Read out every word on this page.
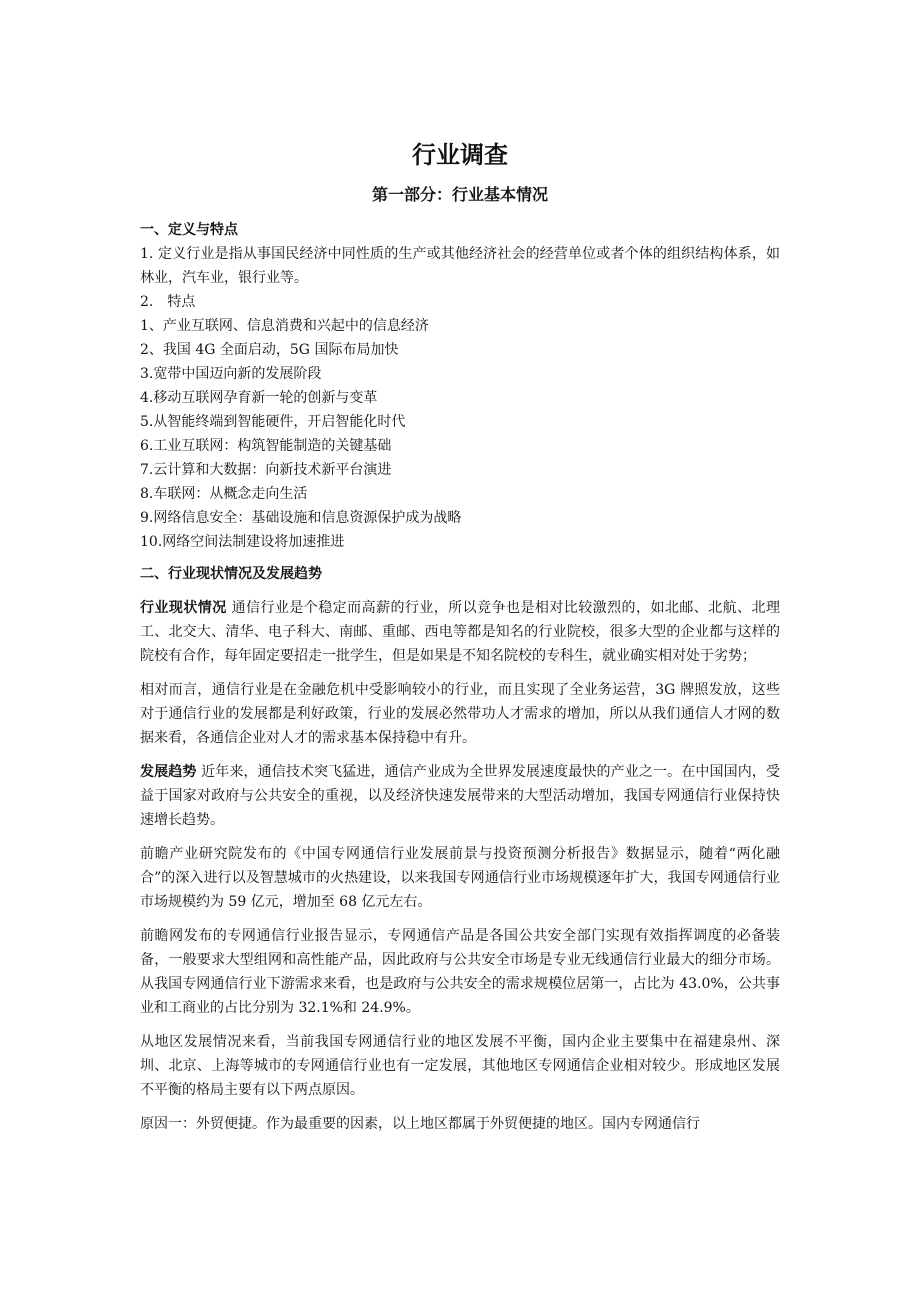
行业调查
第一部分：行业基本情况

一、定义与特点

1. 定义行业是指从事国民经济中同性质的生产或其他经济社会的经营单位或者个体的组织结构体系，如林业，汽车业，银行业等。

2.　特点

1、产业互联网、信息消费和兴起中的信息经济

2、我国 4G 全面启动，5G 国际布局加快

3.宽带中国迈向新的发展阶段

4.移动互联网孕育新一轮的创新与变革

5.从智能终端到智能硬件，开启智能化时代

6.工业互联网：构筑智能制造的关键基础

7.云计算和大数据：向新技术新平台演进

8.车联网：从概念走向生活

9.网络信息安全：基础设施和信息资源保护成为战略

10.网络空间法制建设将加速推进

二、行业现状情况及发展趋势

行业现状情况 通信行业是个稳定而高薪的行业，所以竞争也是相对比较激烈的，如北邮、北航、北理工、北交大、清华、电子科大、南邮、重邮、西电等都是知名的行业院校，很多大型的企业都与这样的院校有合作，每年固定要招走一批学生，但是如果是不知名院校的专科生，就业确实相对处于劣势；

相对而言，通信行业是在金融危机中受影响较小的行业，而且实现了全业务运营，3G 牌照发放，这些对于通信行业的发展都是利好政策，行业的发展必然带功人才需求的增加，所以从我们通信人才网的数据来看，各通信企业对人才的需求基本保持稳中有升。

发展趋势 近年来，通信技术突飞猛进，通信产业成为全世界发展速度最快的产业之一。在中国国内，受益于国家对政府与公共安全的重视，以及经济快速发展带来的大型活动增加，我国专网通信行业保持快速增长趋势。

前瞻产业研究院发布的《中国专网通信行业发展前景与投资预测分析报告》数据显示，随着“两化融合”的深入进行以及智慧城市的火热建设，以来我国专网通信行业市场规模逐年扩大，我国专网通信行业市场规模约为 59 亿元，增加至 68 亿元左右。

前瞻网发布的专网通信行业报告显示，专网通信产品是各国公共安全部门实现有效指挥调度的必备装备，一般要求大型组网和高性能产品，因此政府与公共安全市场是专业无线通信行业最大的细分市场。从我国专网通信行业下游需求来看，也是政府与公共安全的需求规模位居第一，占比为 43.0%，公共事业和工商业的占比分别为 32.1%和 24.9%。

从地区发展情况来看，当前我国专网通信行业的地区发展不平衡，国内企业主要集中在福建泉州、深圳、北京、上海等城市的专网通信行业也有一定发展，其他地区专网通信企业相对较少。形成地区发展不平衡的格局主要有以下两点原因。

原因一：外贸便捷。作为最重要的因素，以上地区都属于外贸便捷的地区。国内专网通信行
